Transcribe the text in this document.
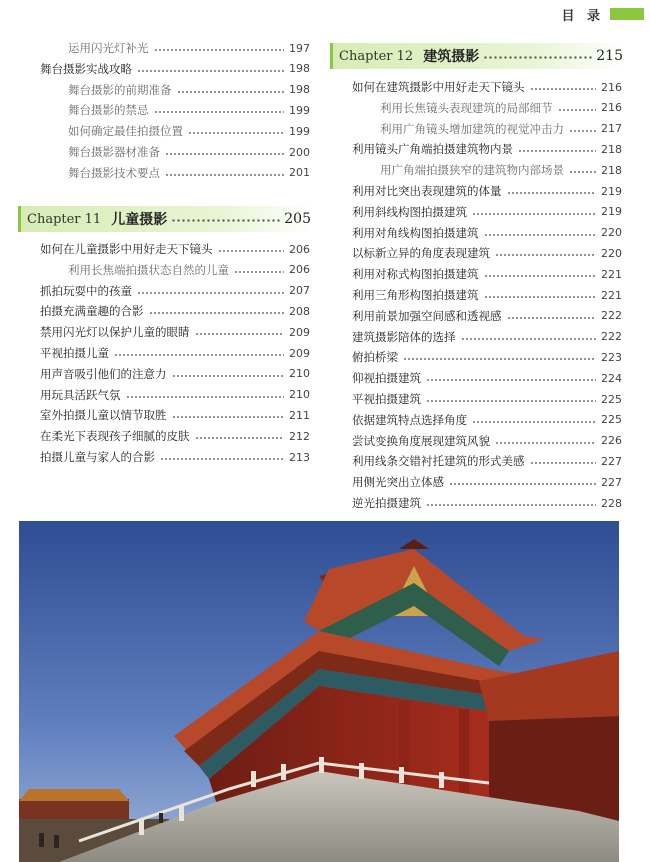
目 录
运用闪光灯补光	197
舞台摄影实战攻略	198
舞台摄影的前期准备	198
舞台摄影的禁忌	199
如何确定最佳拍摄位置	199
舞台摄影器材准备	200
舞台摄影技术要点	201
Chapter 11 儿童摄影	205
如何在儿童摄影中用好走天下镜头	206
利用长焦端拍摄状态自然的儿童	206
抓拍玩耍中的孩童	207
拍摄充满童趣的合影	208
禁用闪光灯以保护儿童的眼睛	209
平视拍摄儿童	209
用声音吸引他们的注意力	210
用玩具活跃气氛	210
室外拍摄儿童以情节取胜	211
在柔光下表现孩子细腻的皮肤	212
拍摄儿童与家人的合影	213
Chapter 12 建筑摄影	215
如何在建筑摄影中用好走天下镜头	216
利用长焦镜头表现建筑的局部细节	216
利用广角镜头增加建筑的视觉冲击力	217
利用镜头广角端拍摄建筑物内景	218
用广角端拍摄狭窄的建筑物内部场景	218
利用对比突出表现建筑的体量	219
利用斜线构图拍摄建筑	219
利用对角线构图拍摄建筑	220
以标新立异的角度表现建筑	220
利用对称式构图拍摄建筑	221
利用三角形构图拍摄建筑	221
利用前景加强空间感和透视感	222
建筑摄影陪体的选择	222
俯拍桥梁	223
仰视拍摄建筑	224
平视拍摄建筑	225
依据建筑特点选择角度	225
尝试变换角度展现建筑风貌	226
利用线条交错衬托建筑的形式美感	227
用侧光突出立体感	227
逆光拍摄建筑	228
